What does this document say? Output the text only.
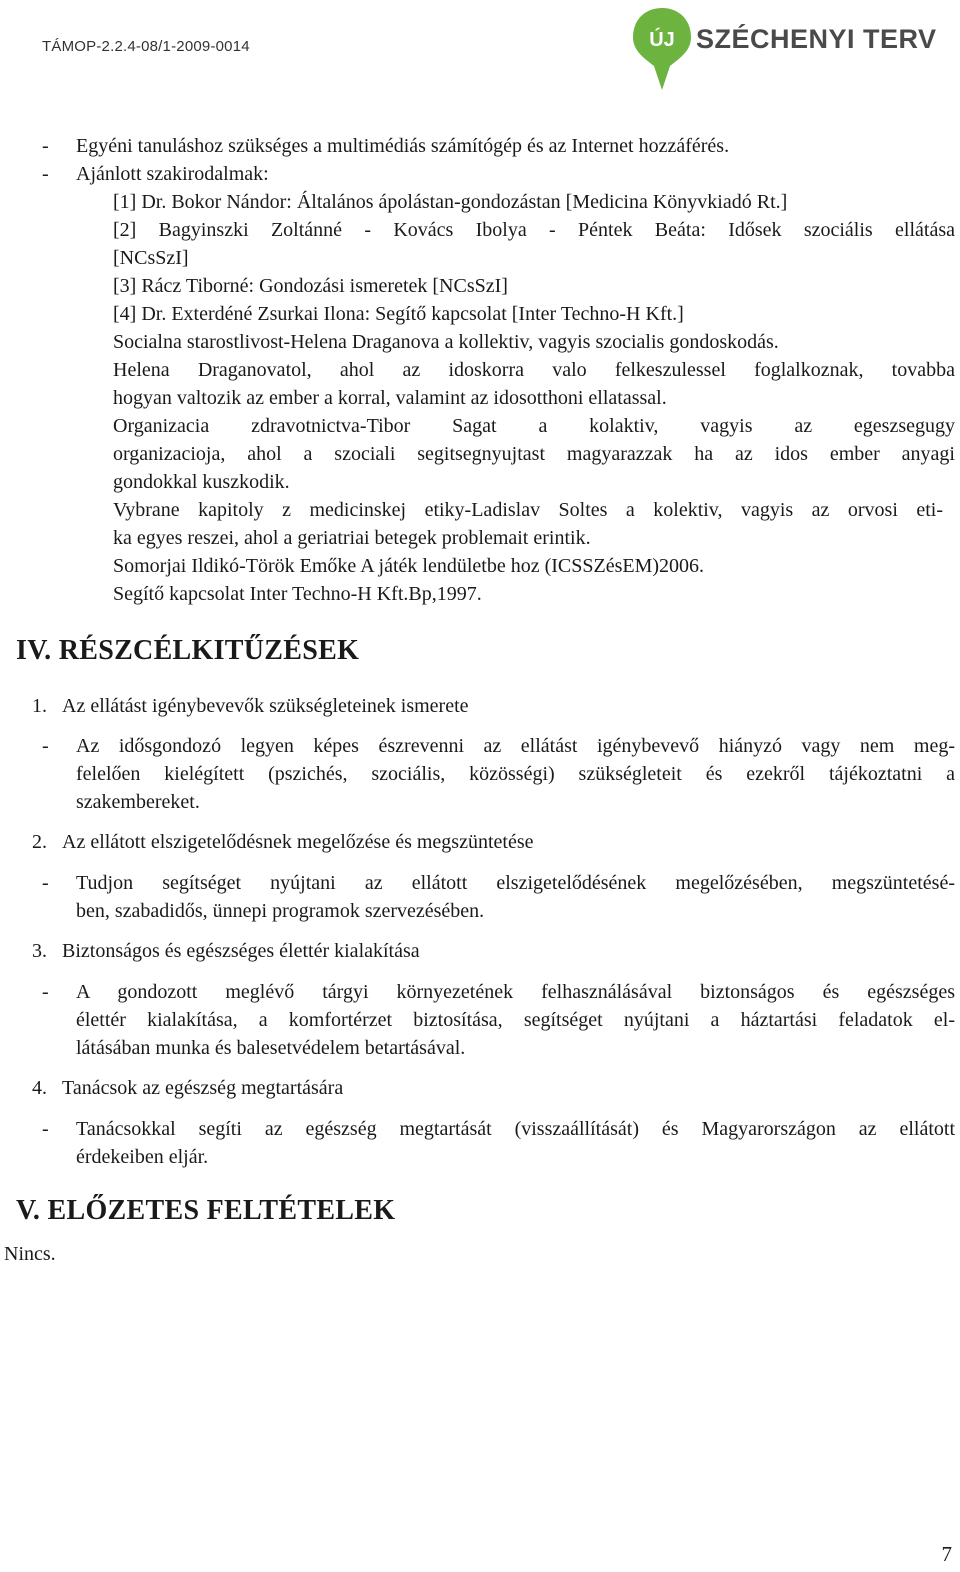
TÁMOP-2.2.4-08/1-2009-0014	ÚJ SZÉCHENYI TERV
- Egyéni tanuláshoz szükséges a multimédiás számítógép és az Internet hozzáférés.
- Ajánlott szakirodalmak:
[1] Dr. Bokor Nándor: Általános ápolástan-gondozástan [Medicina Könyvkiadó Rt.]
[2] Bagyinszki Zoltánné - Kovács Ibolya - Péntek Beáta: Idősek szociális ellátása
[NCsSzI]
[3] Rácz Tiborné: Gondozási ismeretek [NCsSzI]
[4] Dr. Exterdéné Zsurkai Ilona: Segítő kapcsolat [Inter Techno-H Kft.]
Socialna starostlivost-Helena Draganova a kollektiv, vagyis szocialis gondoskodás.
Helena Draganovatol, ahol az idoskorra valo felkeszulessel foglalkoznak, tovabba
hogyan valtozik az ember a korral, valamint az idosotthoni ellatassal.
Organizacia zdravotnictva-Tibor Sagat a kolaktiv, vagyis az egeszsegugy
organizacioja, ahol a szociali segitsegnyujtast magyarazzak ha az idos ember anyagi
gondokkal kuszkodik.
Vybrane kapitoly z medicinskej etiky-Ladislav Soltes a kolektiv, vagyis az orvosi eti-
ka egyes reszei, ahol a geriatriai betegek problemait erintik.
Somorjai Ildikó-Török Emőke A játék lendületbe hoz (ICSSZésEM)2006.
Segítő kapcsolat Inter Techno-H Kft.Bp,1997.
IV. RÉSZCÉLKITŰZÉSEK
1. Az ellátást igénybevevők szükségleteinek ismerete
- Az idősgondozó legyen képes észrevenni az ellátást igénybevevő hiányzó vagy nem meg-
felelően kielégített (pszichés, szociális, közösségi) szükségleteit és ezekről tájékoztatni a
szakembereket.
2. Az ellátott elszigetelődésnek megelőzése és megszüntetése
- Tudjon segítséget nyújtani az ellátott elszigetelődésének megelőzésében, megszüntetésé-
ben, szabadidős, ünnepi programok szervezésében.
3. Biztonságos és egészséges élettér kialakítása
- A gondozott meglévő tárgyi környezetének felhasználásával biztonságos és egészséges
élettér kialakítása, a komfortérzet biztosítása, segítséget nyújtani a háztartási feladatok el-
látásában munka és balesetvédelem betartásával.
4. Tanácsok az egészség megtartására
- Tanácsokkal segíti az egészség megtartását (visszaállítását) és Magyarországon az ellátott
érdekeiben eljár.
V. ELŐZETES FELTÉTELEK
Nincs.
7
